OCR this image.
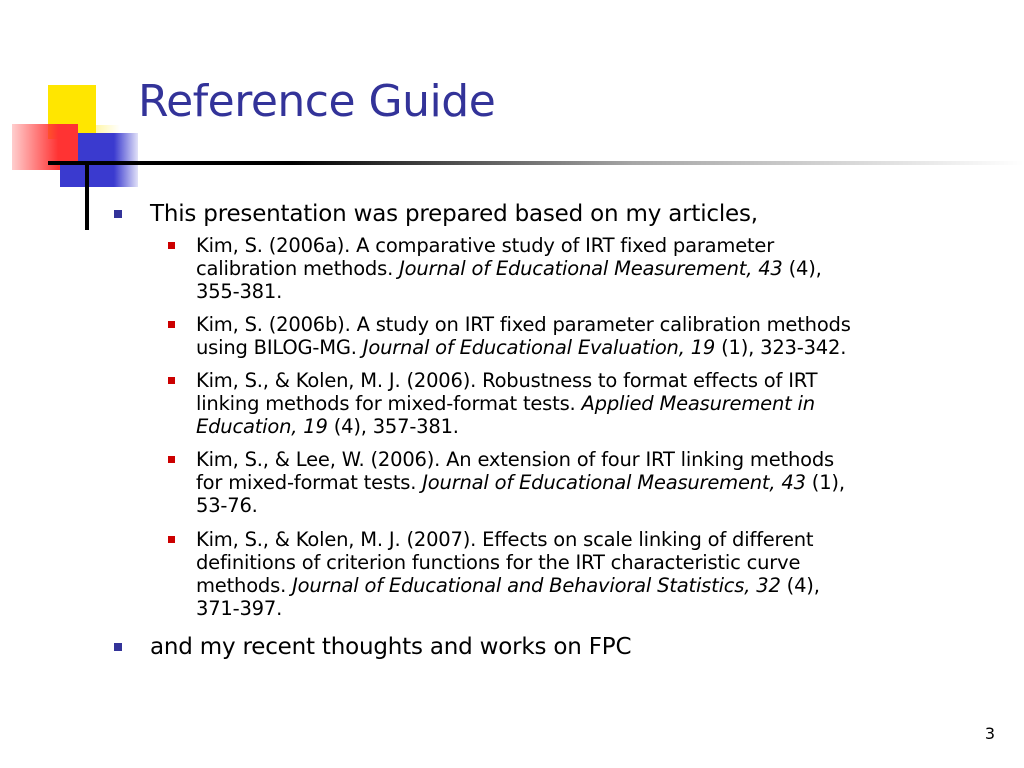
Reference Guide
This presentation was prepared based on my articles,
Kim, S. (2006a). A comparative study of IRT fixed parameter
calibration methods. Journal of Educational Measurement, 43 (4),
355-381.
Kim, S. (2006b). A study on IRT fixed parameter calibration methods
using BILOG-MG. Journal of Educational Evaluation, 19 (1), 323-342.
Kim, S., & Kolen, M. J. (2006). Robustness to format effects of IRT
linking methods for mixed-format tests. Applied Measurement in
Education, 19 (4), 357-381.
Kim, S., & Lee, W. (2006). An extension of four IRT linking methods
for mixed-format tests. Journal of Educational Measurement, 43 (1),
53-76.
Kim, S., & Kolen, M. J. (2007). Effects on scale linking of different
definitions of criterion functions for the IRT characteristic curve
methods. Journal of Educational and Behavioral Statistics, 32 (4),
371-397.
and my recent thoughts and works on FPC
3
